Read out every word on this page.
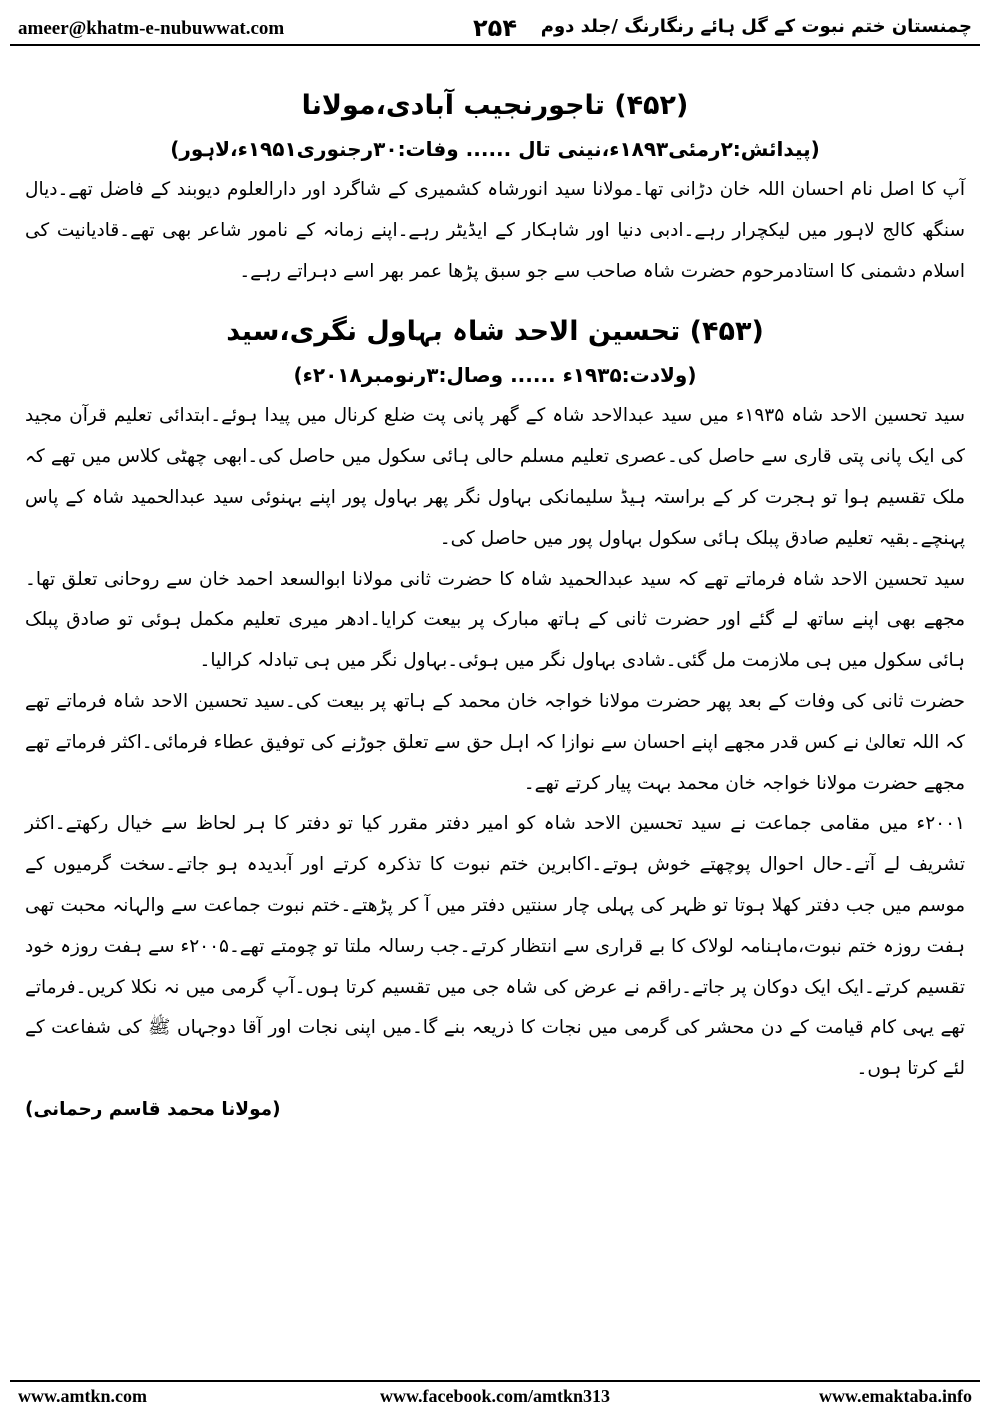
ameer@khatm-e-nubuwwat.com	۲۵۴	چمنستان ختم نبوت کے گل ہائے رنگارنگ /جلد دوم
(۴۵۲) تاجورنجیب آبادی،مولانا

(پیدائش:۲رمئی۱۸۹۳ء،نینی تال ...... وفات:۳۰رجنوری۱۹۵۱ء،لاہور)

آپ کا اصل نام احسان اللہ خان دڑانی تھا۔مولانا سید انورشاہ کشمیری کے شاگرد اور دارالعلوم دیوبند کے فاضل تھے۔دیال سنگھ کالج لاہور میں لیکچرار رہے۔ادبی دنیا اور شاہکار کے ایڈیٹر رہے۔اپنے زمانہ کے نامور شاعر بھی تھے۔قادیانیت کی اسلام دشمنی کا استادمرحوم حضرت شاہ صاحب سے جو سبق پڑھا عمر بھر اسے دہراتے رہے۔

(۴۵۳) تحسین الاحد شاہ بہاول نگری،سید

(ولادت:۱۹۳۵ء ...... وصال:۳رنومبر۲۰۱۸ء)

سید تحسین الاحد شاہ ۱۹۳۵ء میں سید عبدالاحد شاہ کے گھر پانی پت ضلع کرنال میں پیدا ہوئے۔ابتدائی تعلیم قرآن مجید کی ایک پانی پتی قاری سے حاصل کی۔عصری تعلیم مسلم حالی ہائی سکول میں حاصل کی۔ابھی چھٹی کلاس میں تھے کہ ملک تقسیم ہوا تو ہجرت کر کے براستہ ہیڈ سلیمانکی بہاول نگر پھر بہاول پور اپنے بہنوئی سید عبدالحمید شاہ کے پاس پہنچے۔بقیہ تعلیم صادق پبلک ہائی سکول بہاول پور میں حاصل کی۔

سید تحسین الاحد شاہ فرماتے تھے کہ سید عبدالحمید شاہ کا حضرت ثانی مولانا ابوالسعد احمد خان سے روحانی تعلق تھا۔مجھے بھی اپنے ساتھ لے گئے اور حضرت ثانی کے ہاتھ مبارک پر بیعت کرایا۔ادھر میری تعلیم مکمل ہوئی تو صادق پبلک ہائی سکول میں ہی ملازمت مل گئی۔شادی بہاول نگر میں ہوئی۔بہاول نگر میں ہی تبادلہ کرالیا۔

حضرت ثانی کی وفات کے بعد پھر حضرت مولانا خواجہ خان محمد کے ہاتھ پر بیعت کی۔سید تحسین الاحد شاہ فرماتے تھے کہ اللہ تعالیٰ نے کس قدر مجھے اپنے احسان سے نوازا کہ اہل حق سے تعلق جوڑنے کی توفیق عطاء فرمائی۔اکثر فرماتے تھے مجھے حضرت مولانا خواجہ خان محمد بہت پیار کرتے تھے۔

۲۰۰۱ء میں مقامی جماعت نے سید تحسین الاحد شاہ کو امیر دفتر مقرر کیا تو دفتر کا ہر لحاظ سے خیال رکھتے۔اکثر تشریف لے آتے۔حال احوال پوچھتے خوش ہوتے۔اکابرین ختم نبوت کا تذکرہ کرتے اور آبدیدہ ہو جاتے۔سخت گرمیوں کے موسم میں جب دفتر کھلا ہوتا تو ظہر کی پہلی چار سنتیں دفتر میں آ کر پڑھتے۔ختم نبوت جماعت سے والہانہ محبت تھی ہفت روزہ ختم نبوت،ماہنامہ لولاک کا بے قراری سے انتظار کرتے۔جب رسالہ ملتا تو چومتے تھے۔۲۰۰۵ء سے ہفت روزہ خود تقسیم کرتے۔ایک ایک دوکان پر جاتے۔راقم نے عرض کی شاہ جی میں تقسیم کرتا ہوں۔آپ گرمی میں نہ نکلا کریں۔فرماتے تھے یہی کام قیامت کے دن محشر کی گرمی میں نجات کا ذریعہ بنے گا۔میں اپنی نجات اور آقا دوجہاں ﷺ کی شفاعت کے لئے کرتا ہوں۔

(مولانا محمد قاسم رحمانی)
www.amtkn.com	www.facebook.com/amtkn313	www.emaktaba.info
